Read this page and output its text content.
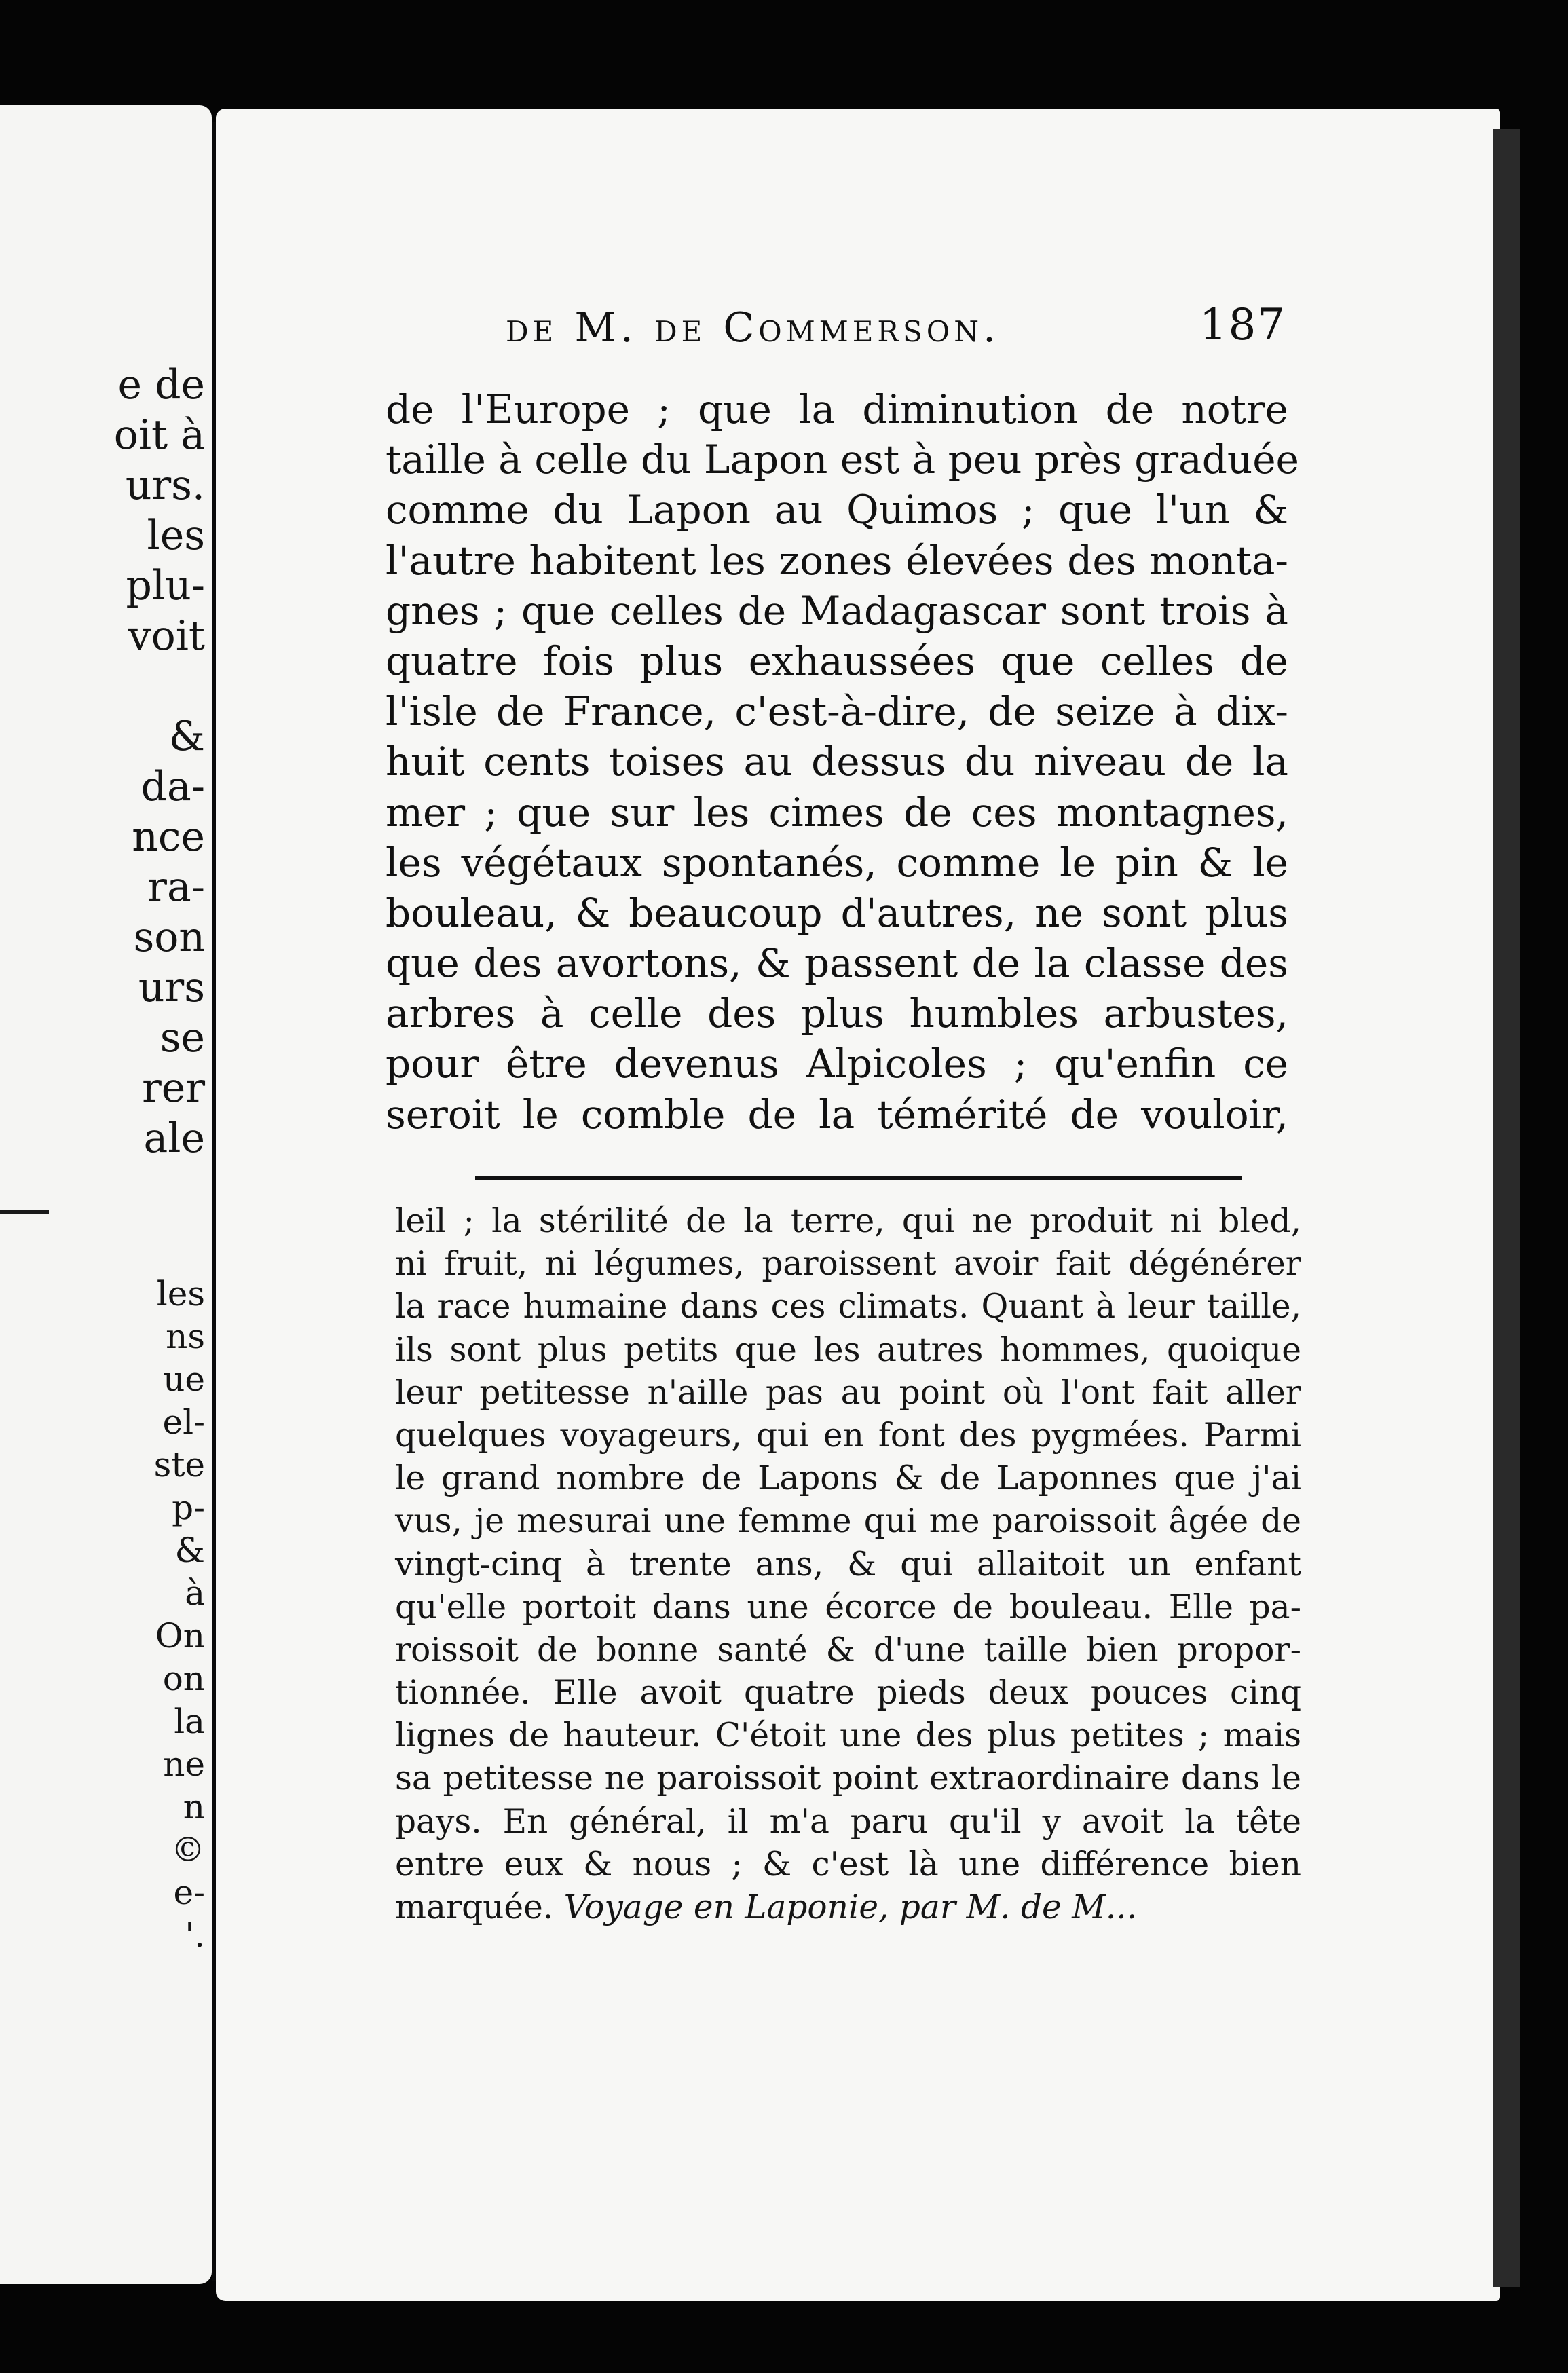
e de
oit à
urs.
les
plu-
voit

&
da-
nce
ra-
son
urs
se
rer
ale
les
ns
ue
el-
ste
p-
&
à
On
on
la
ne
n
©
e-
'.
de M. de Commerson.	187
de l'Europe ; que la diminution de notre
taille à celle du Lapon est à peu près graduée
comme du Lapon au Quimos ; que l'un &
l'autre habitent les zones élevées des monta-
gnes ; que celles de Madagascar sont trois à
quatre fois plus exhaussées que celles de
l'isle de France, c'est-à-dire, de seize à dix-
huit cents toises au dessus du niveau de la
mer ; que sur les cimes de ces montagnes,
les végétaux spontanés, comme le pin & le
bouleau, & beaucoup d'autres, ne sont plus
que des avortons, & passent de la classe des
arbres à celle des plus humbles arbustes,
pour être devenus Alpicoles ; qu'enfin ce
seroit le comble de la témérité de vouloir,
leil ; la stérilité de la terre, qui ne produit ni bled,
ni fruit, ni légumes, paroissent avoir fait dégénérer
la race humaine dans ces climats. Quant à leur taille,
ils sont plus petits que les autres hommes, quoique
leur petitesse n'aille pas au point où l'ont fait aller
quelques voyageurs, qui en font des pygmées. Parmi
le grand nombre de Lapons & de Laponnes que j'ai
vus, je mesurai une femme qui me paroissoit âgée de
vingt-cinq à trente ans, & qui allaitoit un enfant
qu'elle portoit dans une écorce de bouleau. Elle pa-
roissoit de bonne santé & d'une taille bien propor-
tionnée. Elle avoit quatre pieds deux pouces cinq
lignes de hauteur. C'étoit une des plus petites ; mais
sa petitesse ne paroissoit point extraordinaire dans le
pays. En général, il m'a paru qu'il y avoit la tête
entre eux & nous ; & c'est là une différence bien
marquée. Voyage en Laponie, par M. de M...
